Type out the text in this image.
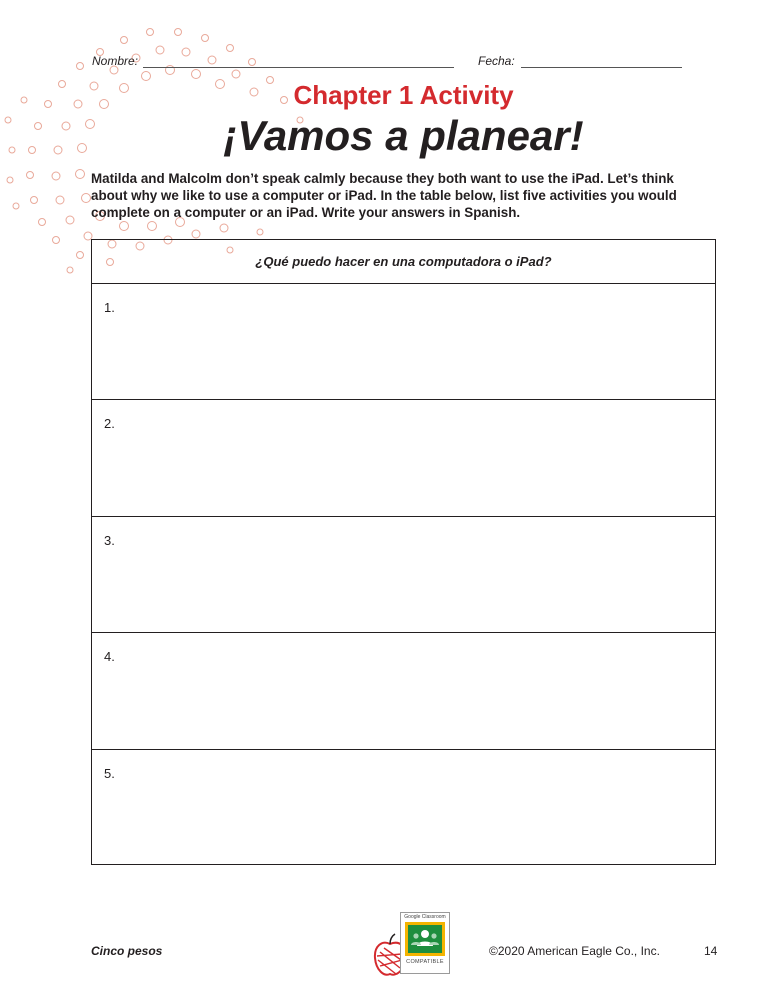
Nombre:	Fecha:
Chapter 1 Activity
¡Vamos a planear!
Matilda and Malcolm don’t speak calmly because they both want to use the iPad. Let’s think
about why we like to use a computer or iPad. In the table below, list five activities you would
complete on a computer or an iPad. Write your answers in Spanish.
¿Qué puedo hacer en una computadora o iPad?
1.
2.
3.
4.
5.
Cinco pesos
Google Classroom
COMPATIBLE
©2020 American Eagle Co., Inc.	14
